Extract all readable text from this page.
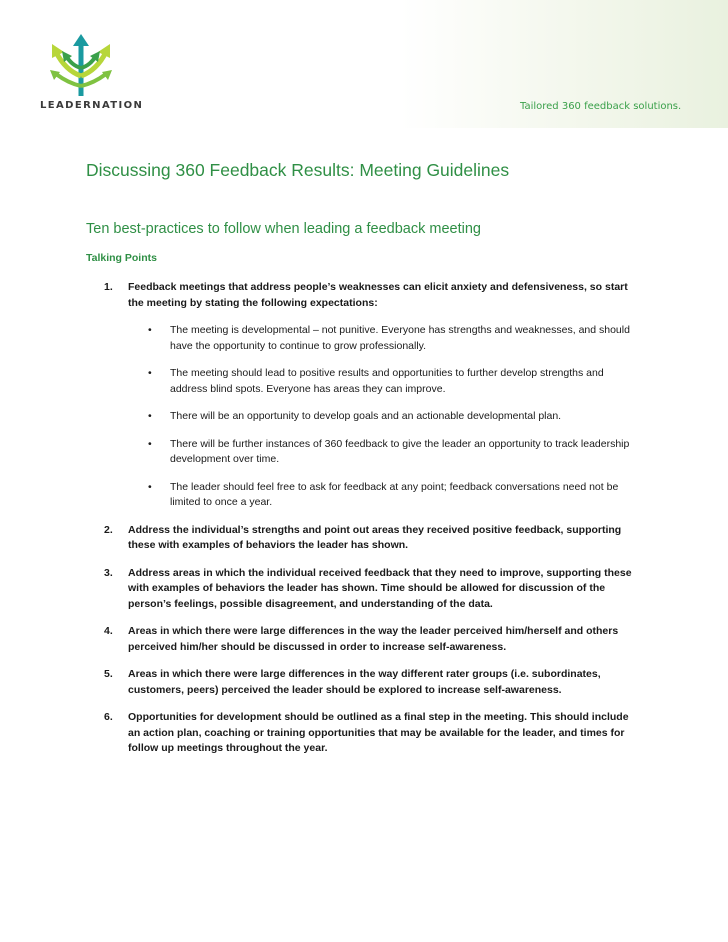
LEADERNATION	Tailored 360 feedback solutions.
Discussing 360 Feedback Results: Meeting Guidelines
Ten best-practices to follow when leading a feedback meeting
Talking Points
1. Feedback meetings that address people’s weaknesses can elicit anxiety and defensiveness, so start the meeting by stating the following expectations:
• The meeting is developmental – not punitive. Everyone has strengths and weaknesses, and should have the opportunity to continue to grow professionally.
• The meeting should lead to positive results and opportunities to further develop strengths and address blind spots. Everyone has areas they can improve.
• There will be an opportunity to develop goals and an actionable developmental plan.
• There will be further instances of 360 feedback to give the leader an opportunity to track leadership development over time.
• The leader should feel free to ask for feedback at any point; feedback conversations need not be limited to once a year.
2. Address the individual’s strengths and point out areas they received positive feedback, supporting these with examples of behaviors the leader has shown.
3. Address areas in which the individual received feedback that they need to improve, supporting these with examples of behaviors the leader has shown. Time should be allowed for discussion of the person’s feelings, possible disagreement, and understanding of the data.
4. Areas in which there were large differences in the way the leader perceived him/herself and others perceived him/her should be discussed in order to increase self-awareness.
5. Areas in which there were large differences in the way different rater groups (i.e. subordinates, customers, peers) perceived the leader should be explored to increase self-awareness.
6. Opportunities for development should be outlined as a final step in the meeting. This should include an action plan, coaching or training opportunities that may be available for the leader, and times for follow up meetings throughout the year.
